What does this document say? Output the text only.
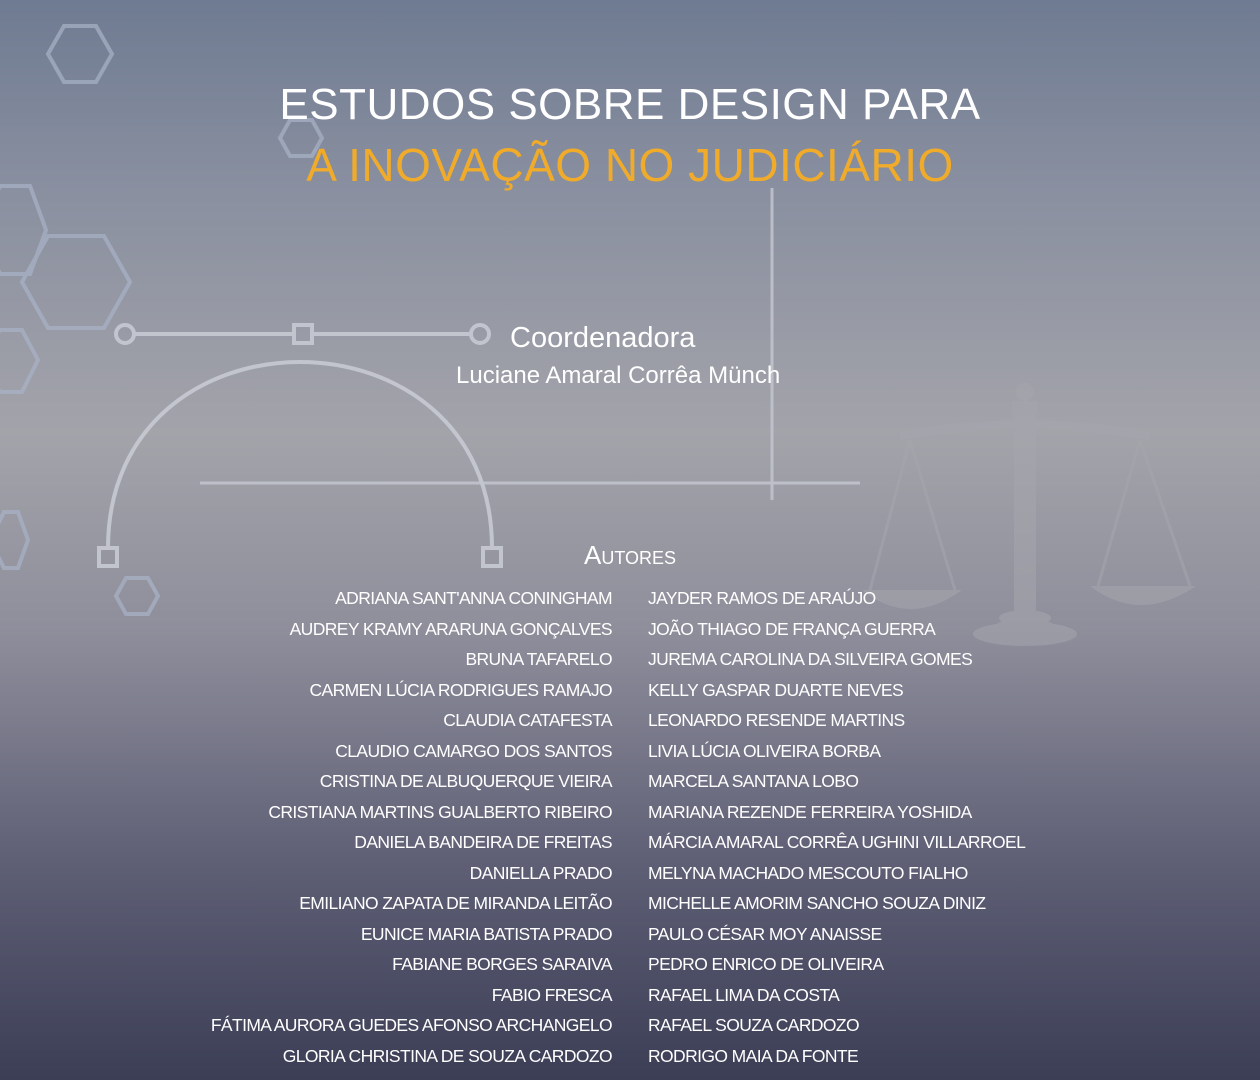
ESTUDOS SOBRE DESIGN PARA
A INOVAÇÃO NO JUDICIÁRIO
Coordenadora
Luciane Amaral Corrêa Münch
Autores
ADRIANA SANT'ANNA CONINGHAM
AUDREY KRAMY ARARUNA GONÇALVES
BRUNA TAFARELO
CARMEN LÚCIA RODRIGUES RAMAJO
CLAUDIA CATAFESTA
CLAUDIO CAMARGO DOS SANTOS
CRISTINA DE ALBUQUERQUE VIEIRA
CRISTIANA MARTINS GUALBERTO RIBEIRO
DANIELA BANDEIRA DE FREITAS
DANIELLA PRADO
EMILIANO ZAPATA DE MIRANDA LEITÃO
EUNICE MARIA BATISTA PRADO
FABIANE BORGES SARAIVA
FABIO FRESCA
FÁTIMA AURORA GUEDES AFONSO ARCHANGELO
GLORIA CHRISTINA DE SOUZA CARDOZO
JAYDER RAMOS DE ARAÚJO
JOÃO THIAGO DE FRANÇA GUERRA
JUREMA CAROLINA DA SILVEIRA GOMES
KELLY GASPAR DUARTE NEVES
LEONARDO RESENDE MARTINS
LIVIA LÚCIA OLIVEIRA BORBA
MARCELA SANTANA LOBO
MARIANA REZENDE FERREIRA YOSHIDA
MÁRCIA AMARAL CORRÊA UGHINI VILLARROEL
MELYNA MACHADO MESCOUTO FIALHO
MICHELLE AMORIM SANCHO SOUZA DINIZ
PAULO CÉSAR MOY ANAISSE
PEDRO ENRICO DE OLIVEIRA
RAFAEL LIMA DA COSTA
RAFAEL SOUZA CARDOZO
RODRIGO MAIA DA FONTE
